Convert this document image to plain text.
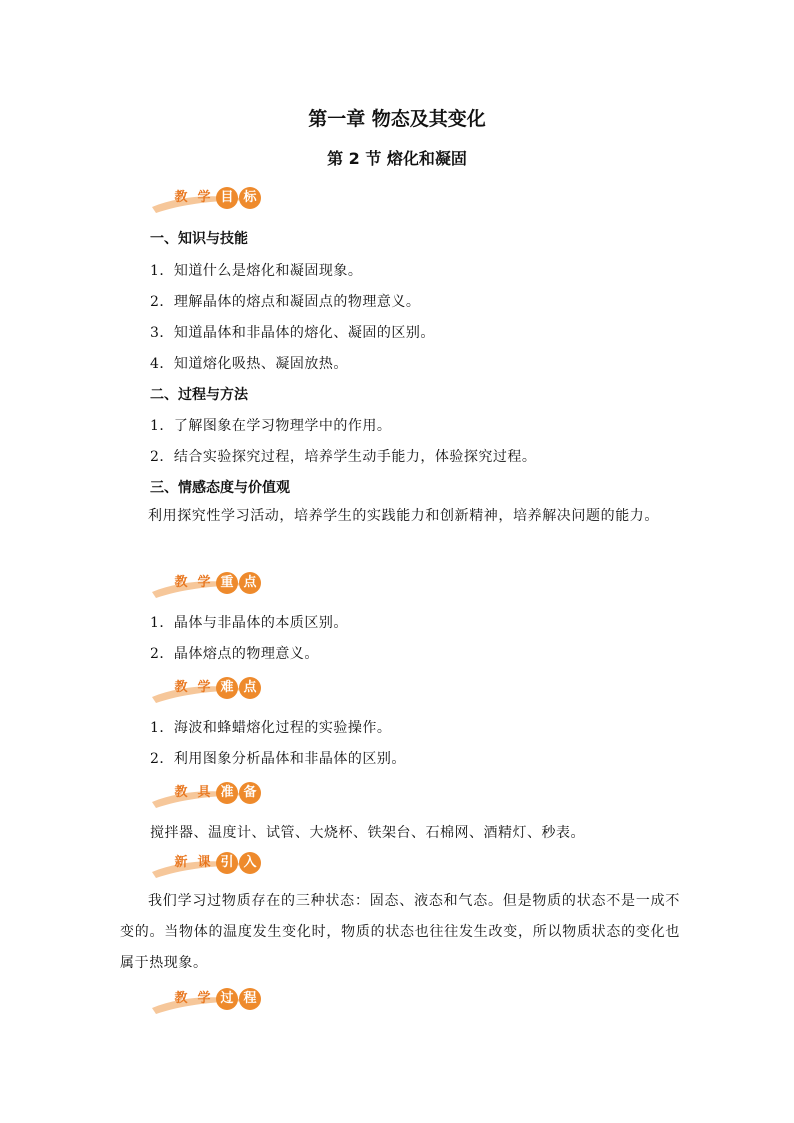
第一章 物态及其变化
第 2 节 熔化和凝固
教 学 目 标
一、知识与技能
1．知道什么是熔化和凝固现象。
2．理解晶体的熔点和凝固点的物理意义。
3．知道晶体和非晶体的熔化、凝固的区别。
4．知道熔化吸热、凝固放热。
二、过程与方法
1．了解图象在学习物理学中的作用。
2．结合实验探究过程，培养学生动手能力，体验探究过程。
三、情感态度与价值观
利用探究性学习活动，培养学生的实践能力和创新精神，培养解决问题的能力。
教 学 重 点
1．晶体与非晶体的本质区别。
2．晶体熔点的物理意义。
教 学 难 点
1．海波和蜂蜡熔化过程的实验操作。
2．利用图象分析晶体和非晶体的区别。
教 具 准 备
搅拌器、温度计、试管、大烧杯、铁架台、石棉网、酒精灯、秒表。
新 课 引 入
我们学习过物质存在的三种状态：固态、液态和气态。但是物质的状态不是一成不变的。当物体的温度发生变化时，物质的状态也往往发生改变，所以物质状态的变化也属于热现象。
教 学 过 程
